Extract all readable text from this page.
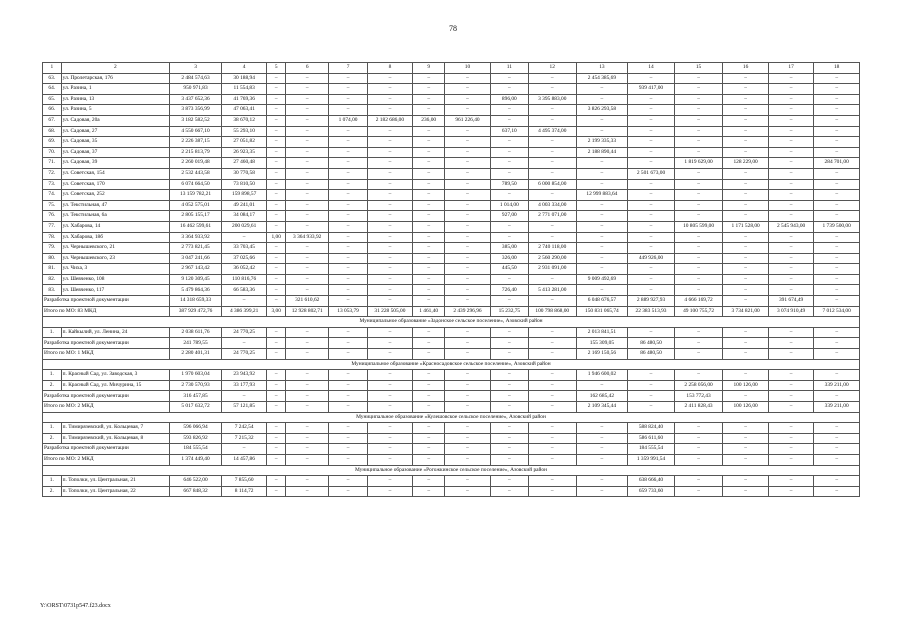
78
1	2	3	4	5	6	7	8	9	10	11	12	13	14	15	16	17	18
63.	ул. Пролетарская, 176	2 484 574,63	30 188,94	–	–	–	–	–	–	–	–	2 454 385,69	–	–	–	–	–
64.	ул. Разина, 1	950 971,83	11 554,83	–	–	–	–	–	–	–	–	–	939 417,00	–	–	–	–
65.	ул. Разина, 13	3 437 652,36	41 769,36	–	–	–	–	–	–	896,00	3 395 883,00	–	–	–	–	–	–
66.	ул. Разина, 5	3 873 356,99	47 063,41	–	–	–	–	–	–	–	–	3 826 293,58	–	–	–	–	–
67.	ул. Садовая, 20а	3 182 582,52	38 670,12	–	–	1 074,00	2 182 686,00	236,00	961 226,40	–	–	–	–	–	–	–	–
68.	ул. Садовая, 27	4 550 667,10	55 293,10	–	–	–	–	–	–	637,10	4 495 374,00	–	–	–	–	–	–
69.	ул. Садовая, 35	2 226 387,15	27 051,82	–	–	–	–	–	–	–	–	2 199 335,33	–	–	–	–	–
70.	ул. Садовая, 37	2 215 813,79	26 923,35	–	–	–	–	–	–	–	–	2 188 890,44	–	–	–	–	–
71.	ул. Садовая, 39	2 260 019,48	27 460,48	–	–	–	–	–	–	–	–	–	–	1 819 629,00	128 229,00	–	284 701,00
72.	ул. Советская, 154	2 532 443,58	30 770,58	–	–	–	–	–	–	–	–	–	2 501 673,00	–	–	–	–
73.	ул. Советская, 170	6 074 664,50	73 810,50	–	–	–	–	–	–	789,50	6 000 854,00	–	–	–	–	–	–
74.	ул. Советская, 252	13 159 782,21	159 898,57	–	–	–	–	–	–	–	–	12 999 883,64	–	–	–	–	–
75.	ул. Текстильная, 47	4 052 575,01	49 241,01	–	–	–	–	–	–	1 014,00	4 003 334,00	–	–	–	–	–	–
76.	ул. Текстильная, 6а	2 805 155,17	34 084,17	–	–	–	–	–	–	927,00	2 771 071,00	–	–	–	–	–	–
77.	ул. Хабарова, 14	16 462 599,61	200 029,61	–	–	–	–	–	–	–	–	–	–	10 805 599,00	1 171 528,00	2 545 943,00	1 739 500,00
78.	ул. Хабарова, 18б	3 364 933,92	–	1,00	3 364 933,92	–	–	–	–	–	–	–	–	–	–	–	–
79.	ул. Чернышевского, 21	2 773 821,45	33 703,45	–	–	–	–	–	–	385,00	2 740 118,00	–	–	–	–	–	–
80.	ул. Чернышевского, 23	3 047 241,66	37 025,66	–	–	–	–	–	–	326,00	2 560 290,00	–	449 926,00	–	–	–	–
81.	ул. Чиха, 3	2 967 143,42	36 052,42	–	–	–	–	–	–	445,50	2 931 091,00	–	–	–	–	–	–
82.	ул. Шевченко, 108	9 120 309,45	110 816,76	–	–	–	–	–	–	–	–	9 009 492,69	–	–	–	–	–
83.	ул. Шевченко, 117	5 479 864,36	66 583,36	–	–	–	–	–	–	726,40	5 413 281,00	–	–	–	–	–	–
Разработка проектной документации		14 318 659,33	–	–	321 610,62	–	–	–	–	–	–	6 048 676,57	2 889 927,93	4 666 169,72	–	391 674,49	–
Итого по МО: 83 МКД		387 929 472,76	4 386 399,21	3,00	12 928 802,71	13 053,79	31 228 505,00	1 461,40	2 439 296,96	15 232,75	100 798 868,00	150 831 065,74	22 383 513,93	49 100 755,72	3 734 821,00	3 074 910,49	7 012 534,00
Муниципальное образование «Задонское сельское поселение», Азовский район																	
1.	п. Кайкылий, ул. Ленина, 24	2 038 611,76	24 770,25	–	–	–	–	–	–	–	–	2 013 841,51	–	–	–	–	–
Разработка проектной документации		241 789,55	–	–	–	–	–	–	–	–	–	155 309,05	86 480,50	–	–	–	–
Итого по МО: 1 МКД		2 280 401,31	24 770,25	–	–	–	–	–	–	–	–	2 169 150,56	86 480,50	–	–	–	–
Муниципальное образование «Красносадовское сельское поселение», Азовский район																	
1.	п. Красный Сад, ул. Заводская, 3	1 970 603,04	23 943,92	–	–	–	–	–	–	–	–	1 946 600,02	–	–	–	–	–
2.	п. Красный Сад, ул. Мичурина, 15	2 730 570,93	33 177,93	–	–	–	–	–	–	–	–	–	–	2 258 056,00	100 126,00	–	339 211,00
Разработка проектной документации		316 457,85	–	–	–	–	–	–	–	–	–	162 685,42	–	153 772,43	–	–	–
Итого по МО: 2 МКД		5 017 632,72	57 121,85	–	–	–	–	–	–	–	–	2 109 345,44	–	2 411 828,43	100 126,00	–	339 211,00
Муниципальное образование «Кулешовское сельское поселение», Азовский район																	
1.	п. Тимирязевский, ул. Кольцевая, 7	596 066,94	7 242,54	–	–	–	–	–	–	–	–	–	588 824,40	–	–	–	–
2.	п. Тимирязевский, ул. Кольцевая, 8	593 826,92	7 215,32	–	–	–	–	–	–	–	–	–	586 611,60	–	–	–	–
Разработка проектной документации		184 555,54	–	–	–	–	–	–	–	–	–	–	184 555,54	–	–	–	–
Итого по МО: 2 МКД		1 374 449,40	14 457,86	–	–	–	–	–	–	–	–	–	1 359 991,54	–	–	–	–
Муниципальное образование «Рогожкинское сельское поселение», Азовский район																	
1.	п. Тополки, ул. Центральная, 21	646 522,00	7 855,60	–	–	–	–	–	–	–	–	–	638 666,40	–	–	–	–
2.	п. Тополки, ул. Центральная, 22	667 848,32	8 114,72	–	–	–	–	–	–	–	–	–	659 733,60	–	–	–	–
Y:\ORST\0731p547.f23.docx
